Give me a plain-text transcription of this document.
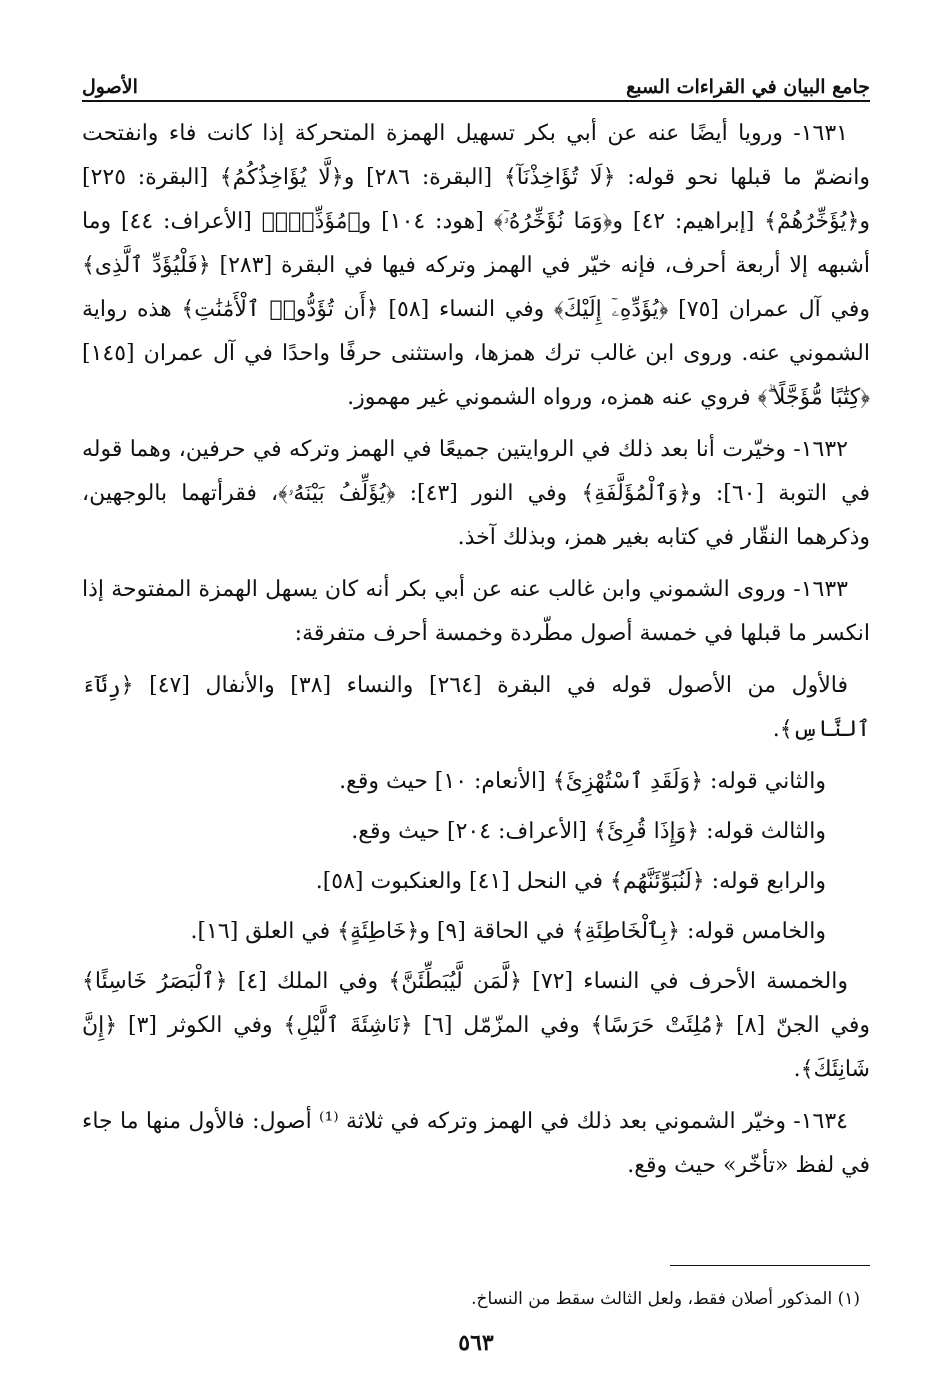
جامع البيان في القراءات السبع
الأصول

١٦٣١- ورويا أيضًا عنه عن أبي بكر تسهيل الهمزة المتحركة إذا كانت فاء وانفتحت وانضمّ ما قبلها نحو قوله: ﴿لَا تُؤَاخِذْنَآ﴾ [البقرة: ٢٨٦] و﴿لَّا يُؤَاخِذُكُمُ﴾ [البقرة: ٢٢٥] و﴿يُؤَخِّرُهُمْ﴾ [إبراهيم: ٤٢] و﴿وَمَا نُؤَخِّرُهُۥٓ﴾ [هود: ١٠٤] و﴿مُؤَذِّنٌۢ﴾ [الأعراف: ٤٤] وما أشبهه إلا أربعة أحرف، فإنه خيّر في الهمز وتركه فيها في البقرة [٢٨٣] ﴿فَلْيُؤَدِّ ٱلَّذِى﴾ وفي آل عمران [٧٥] ﴿يُؤَدِّهِۦٓ إِلَيْكَ﴾ وفي النساء [٥٨] ﴿أَن تُؤَدُّوا۟ ٱلْأَمَٰنَٰتِ﴾ هذه رواية الشموني عنه. وروى ابن غالب ترك همزها، واستثنى حرفًا واحدًا في آل عمران [١٤٥] ﴿كِتَٰبًا مُّؤَجَّلًا ۗ﴾ فروي عنه همزه، ورواه الشموني غير مهموز.

١٦٣٢- وخيّرت أنا بعد ذلك في الروايتين جميعًا في الهمز وتركه في حرفين، وهما قوله في التوبة [٦٠]: و﴿وَٱلْمُؤَلَّفَةِ﴾ وفي النور [٤٣]: ﴿يُؤَلِّفُ بَيْنَهُۥ﴾، فقرأتهما بالوجهين، وذكرهما النقّار في كتابه بغير همز، وبذلك آخذ.

١٦٣٣- وروى الشموني وابن غالب عنه عن أبي بكر أنه كان يسهل الهمزة المفتوحة إذا انكسر ما قبلها في خمسة أصول مطّردة وخمسة أحرف متفرقة:

فالأول من الأصول قوله في البقرة [٢٦٤] والنساء [٣٨] والأنفال [٤٧] ﴿رِئَآءَ ٱلنَّاسِ﴾.

والثاني قوله: ﴿وَلَقَدِ ٱسْتُهْزِئَ﴾ [الأنعام: ١٠] حيث وقع.

والثالث قوله: ﴿وَإِذَا قُرِئَ﴾ [الأعراف: ٢٠٤] حيث وقع.

والرابع قوله: ﴿لَنُبَوِّئَنَّهُم﴾ في النحل [٤١] والعنكبوت [٥٨].

والخامس قوله: ﴿بِٱلْخَاطِئَةِ﴾ في الحاقة [٩] و﴿خَاطِئَةٍ﴾ في العلق [١٦].

والخمسة الأحرف في النساء [٧٢] ﴿لَّمَن لَّيُبَطِّئَنَّ﴾ وفي الملك [٤] ﴿ٱلْبَصَرُ خَاسِئًا﴾ وفي الجنّ [٨] ﴿مُلِئَتْ حَرَسًا﴾ وفي المزّمّل [٦] ﴿نَاشِئَةَ ٱلَّيْلِ﴾ وفي الكوثر [٣] ﴿إِنَّ شَانِئَكَ﴾.

١٦٣٤- وخيّر الشموني بعد ذلك في الهمز وتركه في ثلاثة ⁽¹⁾ أصول: فالأول منها ما جاء في لفظ «تأخّر» حيث وقع.

(١) المذكور أصلان فقط، ولعل الثالث سقط من النساخ.
٥٦٣
